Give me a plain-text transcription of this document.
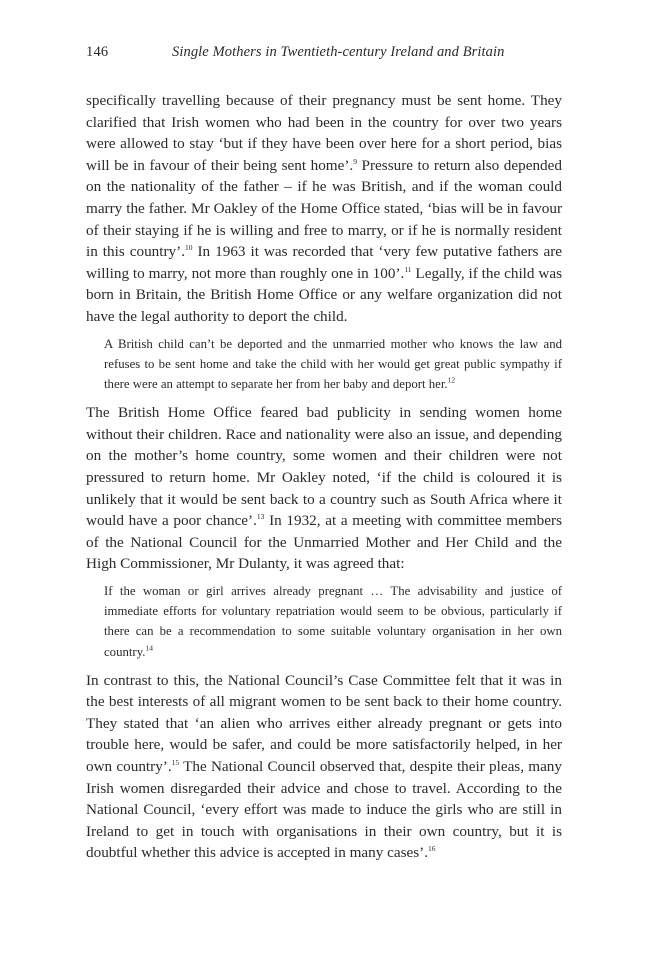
146	Single Mothers in Twentieth-century Ireland and Britain

specifically travelling because of their pregnancy must be sent home. They clarified that Irish women who had been in the country for over two years were allowed to stay ‘but if they have been over here for a short period, bias will be in favour of their being sent home’.$^9$ Pressure to return also depended on the nationality of the father – if he was British, and if the woman could marry the father. Mr Oakley of the Home Office stated, ‘bias will be in favour of their staying if he is willing and free to marry, or if he is normally resident in this country’.$^{10}$ In 1963 it was recorded that ‘very few putative fathers are willing to marry, not more than roughly one in 100’.$^{11}$ Legally, if the child was born in Britain, the British Home Office or any welfare organization did not have the legal authority to deport the child.

A British child can’t be deported and the unmarried mother who knows the law and refuses to be sent home and take the child with her would get great public sympathy if there were an attempt to separate her from her baby and deport her.$^{12}$

The British Home Office feared bad publicity in sending women home without their children. Race and nationality were also an issue, and depending on the mother’s home country, some women and their children were not pressured to return home. Mr Oakley noted, ‘if the child is coloured it is unlikely that it would be sent back to a country such as South Africa where it would have a poor chance’.$^{13}$ In 1932, at a meeting with committee members of the National Council for the Unmarried Mother and Her Child and the High Commissioner, Mr Dulanty, it was agreed that:

If the woman or girl arrives already pregnant … The advisability and justice of immediate efforts for voluntary repatriation would seem to be obvious, particularly if there can be a recommendation to some suitable voluntary organisation in her own country.$^{14}$

In contrast to this, the National Council’s Case Committee felt that it was in the best interests of all migrant women to be sent back to their home country. They stated that ‘an alien who arrives either already pregnant or gets into trouble here, would be safer, and could be more satisfactorily helped, in her own country’.$^{15}$ The National Council observed that, despite their pleas, many Irish women disregarded their advice and chose to travel. According to the National Council, ‘every effort was made to induce the girls who are still in Ireland to get in touch with organisations in their own country, but it is doubtful whether this advice is accepted in many cases’.$^{16}$
